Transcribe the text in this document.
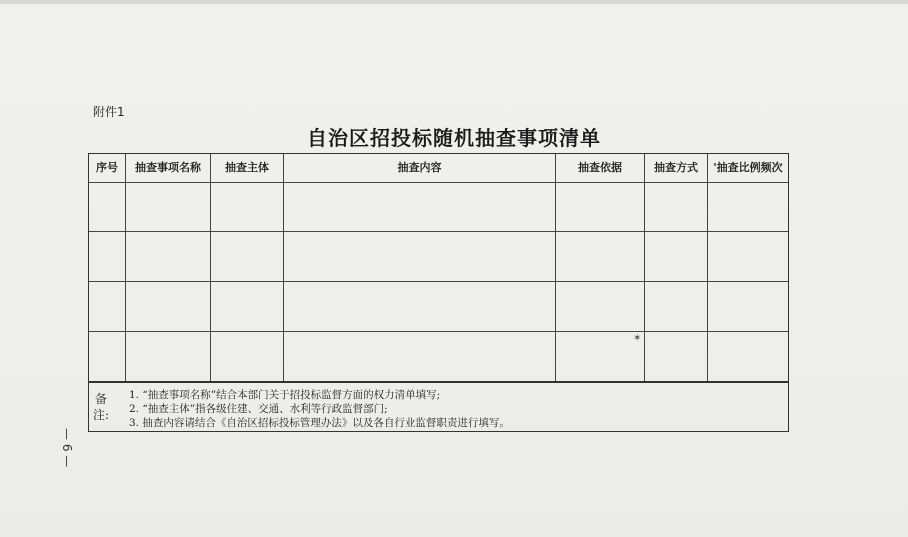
附件1
自治区招投标随机抽查事项清单
序号	抽查事项名称	抽查主体	抽查内容	抽查依据	抽查方式	'抽查比例频次
备
注:
1. “抽查事项名称”结合本部门关于招投标监督方面的权力清单填写;
2. “抽查主体”指各级住建、交通、水利等行政监督部门;
3. 抽查内容请结合《自治区招标投标管理办法》以及各自行业监督职责进行填写。
✶
— 6 —
